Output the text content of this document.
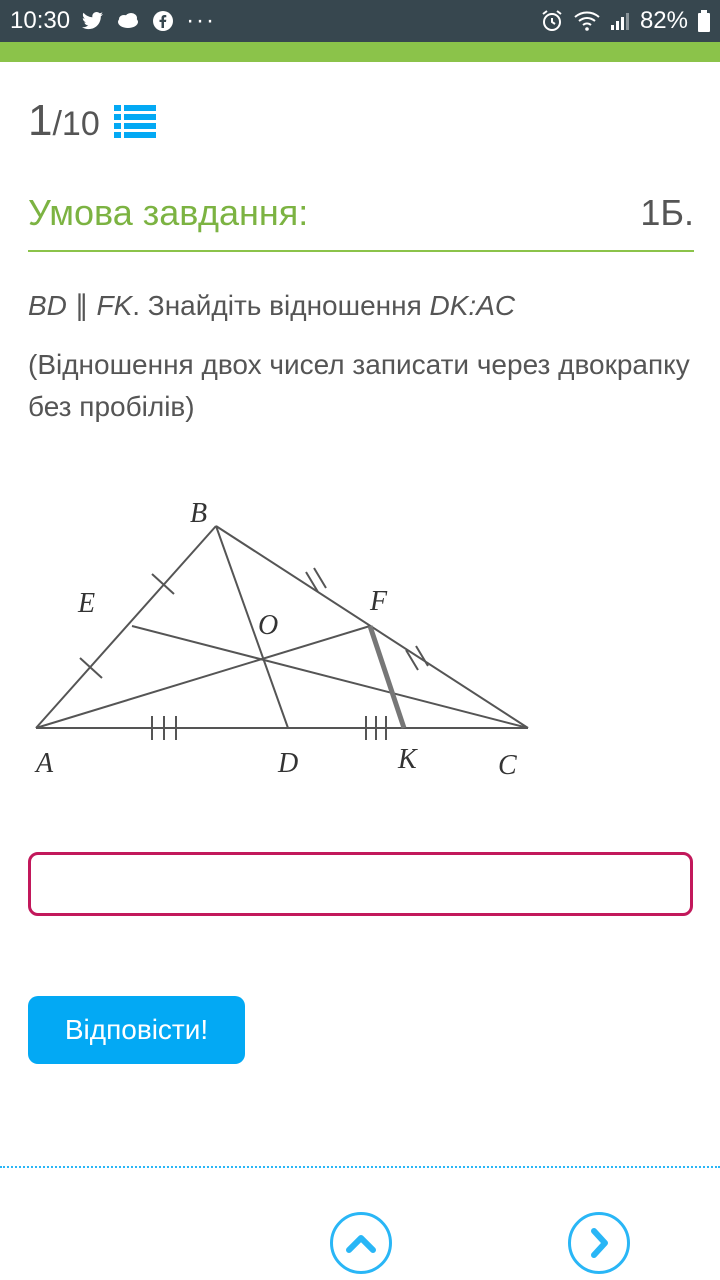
10:30	···	82%
1/10
Умова завдання:	1Б.
BD ∥ FK. Знайдіть відношення DK:AC
(Відношення двох чисел записати через двокрапку без пробілів)
B
E	F
O
A	D	K	C
Відповісти!
